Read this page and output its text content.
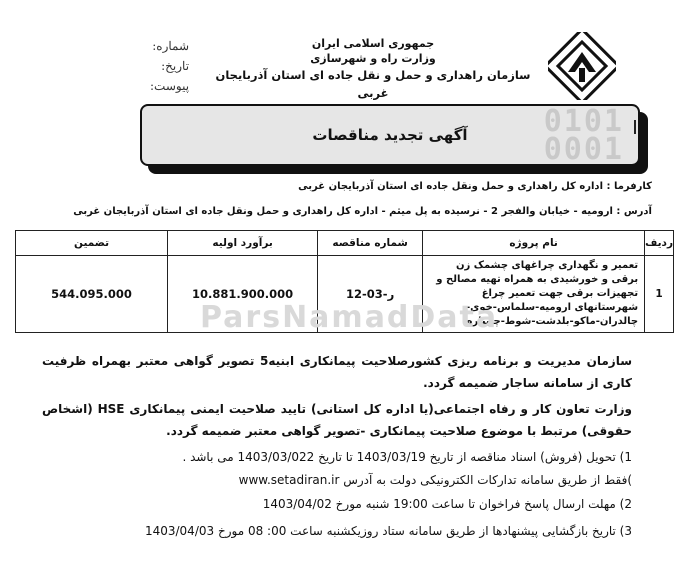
جمهوری اسلامی ایران
وزارت راه و شهرسازی
سازمان راهداری و حمل و نقل جاده ای استان آذربایجان غربی
شماره:
تاریخ:
پیوست:
0101
0001
آگهی تجدید مناقصات
کارفرما : اداره کل راهداری و حمل ونقل جاده ای استان آذربایجان غربی
آدرس : ارومیه - خیابان والفجر 2 - نرسیده به پل میثم - اداره کل راهداری و حمل ونقل جاده ای استان آذربایجان غربی
ردیف	نام پروژه	شماره مناقصه	برآورد اولیه	تضمین
1	تعمیر و نگهداری چراغهای چشمک زن برقی و خورشیدی به همراه تهیه مصالح و تجهیزات برقی جهت تعمیر چراغ شهرستانهای ارومیه-سلماس-خوی-چالدران-ماکو-بلدشت-شوط-چایپاره	12-ر-03	10.881.900.000	544.095.000
ParsNamadData
سازمان مدیریت و برنامه ریزی کشورصلاحیت پیمانکاری ابنیه5 تصویر گواهی معتبر بهمراه ظرفیت کاری از سامانه ساجار ضمیمه گردد.
وزارت تعاون کار و رفاه اجتماعی(یا اداره کل استانی) تایید صلاحیت ایمنی پیمانکاری HSE (اشخاص حقوقی) مرتبط با موضوع صلاحیت پیمانکاری -تصویر گواهی معتبر ضمیمه گردد.
1) تحویل (فروش) اسناد مناقصه از تاریخ 1403/03/19 تا تاریخ 1403/03/022 می باشد .
)فقط از طریق سامانه تدارکات الکترونیکی دولت به آدرس www.setadiran.ir
2) مهلت ارسال پاسخ فراخوان تا ساعت 19:00 شنبه مورخ 1403/04/02
3) تاریخ بازگشایی پیشنهادها از طریق سامانه ستاد روزیکشنبه ساعت 00: 08 مورخ 1403/04/03
